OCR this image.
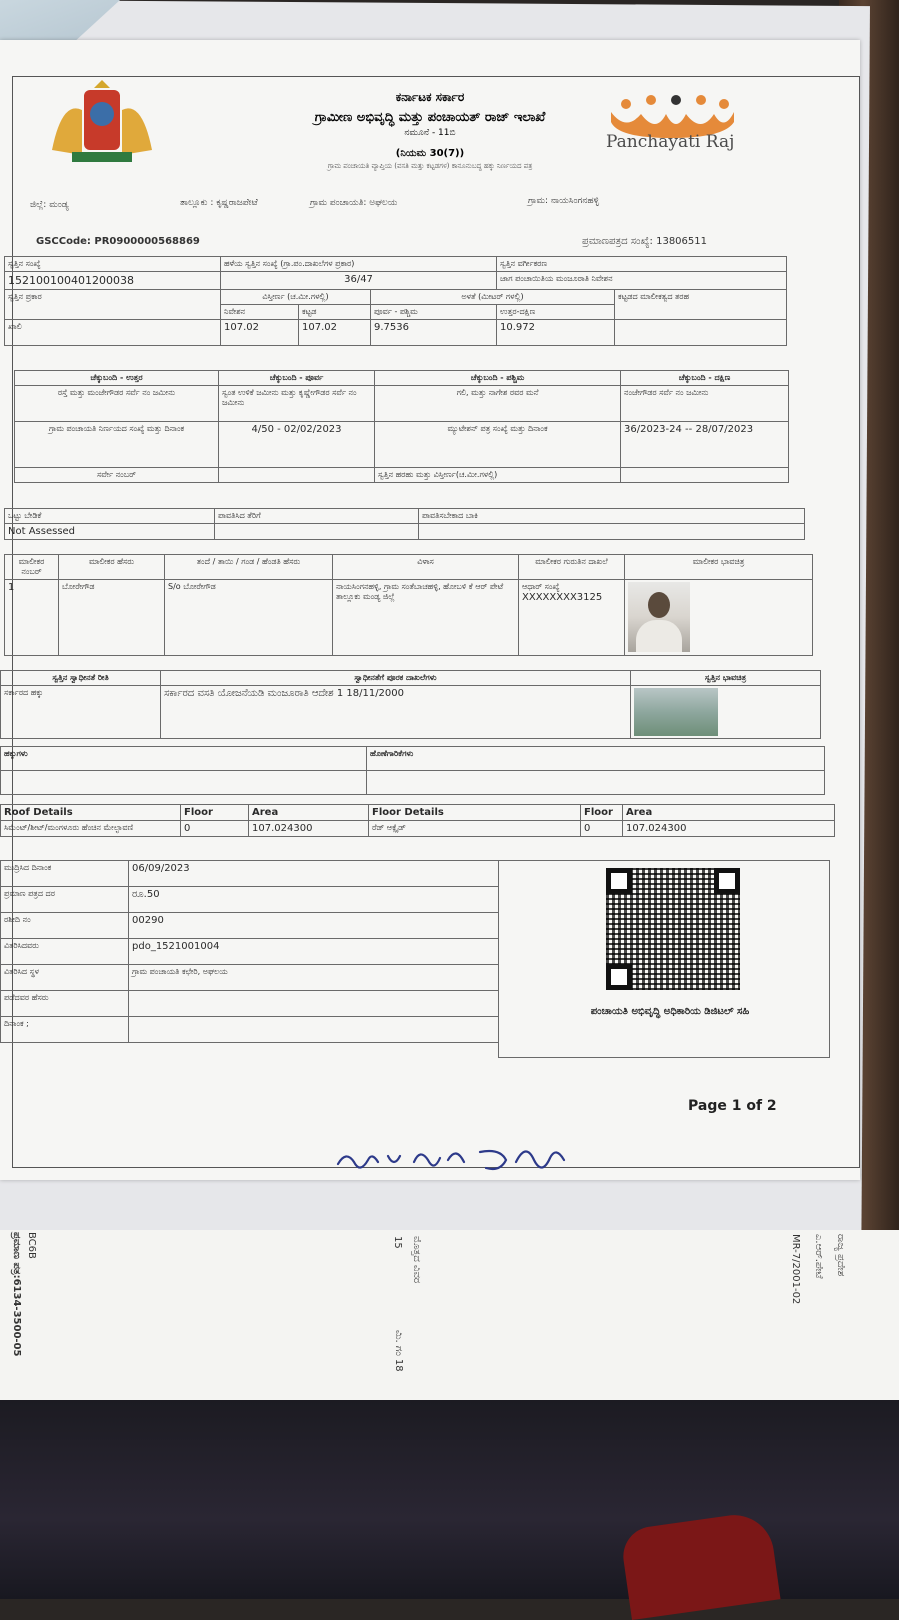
ಪ್ರಮಾಣ ಪತ್ರ:6134-3500-05 BC6B	15 ಮೊತ್ತದ ವಿವರ
ಮಿ. ಗಂ 18
ಎ.ಆರ್.ಪೇಟೆ
MR-7/2001-02	ರಾಜ್ಯ ಪ್ರದೇಶ
Panchayati Raj
ಕರ್ನಾಟಕ ಸರ್ಕಾರ
ಗ್ರಾಮೀಣ ಅಭಿವೃದ್ಧಿ ಮತ್ತು ಪಂಚಾಯತ್ ರಾಜ್ ಇಲಾಖೆ
ನಮೂನೆ - 11ಬಿ
(ನಿಯಮ 30(7))
ಗ್ರಾಮ ಪಂಚಾಯತಿ ವ್ಯಾಪ್ತಿಯ (ವಸತಿ ಮತ್ತು ಕಟ್ಟಡಗಳ) ಕಾನೂನುಬದ್ಧ ಹಕ್ಕು ನಿರ್ಣಯದ ಪತ್ರ
ಜಿಲ್ಲೆ: ಮಂಡ್ಯ	ತಾಲ್ಲೂಕು : ಕೃಷ್ಣರಾಜಪೇಟೆ	ಗ್ರಾಮ ಪಂಚಾಯತಿ: ಅಘಲಯ	ಗ್ರಾಮ: ನಾಯಸಿಂಗನಹಳ್ಳಿ
GSCCode: PR0900000568869	ಪ್ರಮಾಣಪತ್ರದ ಸಂಖ್ಯೆ: 13806511
ಸ್ವತ್ತಿನ ಸಂಖ್ಯೆ	ಹಳೆಯ ಸ್ವತ್ತಿನ ಸಂಖ್ಯೆ (ಗ್ರಾ.ಪಂ.ದಾಖಲೆಗಳ ಪ್ರಕಾರ)			ಸ್ವತ್ತಿನ ವರ್ಗೀಕರಣ	
152100100401200038	36/47			ಜಾಗ ಪಂಚಾಯಿತಿಯ ಮಂಜೂರಾತಿ ನಿವೇಶನ	
ಸ್ವತ್ತಿನ ಪ್ರಕಾರ	ವಿಸ್ತೀರ್ಣ (ಚ.ಮೀ.ಗಳಲ್ಲಿ)		ಅಳತೆ (ಮೀಟರ್ ಗಳಲ್ಲಿ)		ಕಟ್ಟಡದ ಮಾಲೀಕತ್ವದ ತರಹ
	ನಿವೇಶನ	ಕಟ್ಟಡ	ಪೂರ್ವ - ಪಶ್ಚಿಮ	ಉತ್ತರ-ದಕ್ಷಿಣ	
ಖಾಲಿ	107.02	107.02	9.7536	10.972	
ಚೆಕ್ಕುಬಂದಿ - ಉತ್ತರ	ಚೆಕ್ಕುಬಂದಿ - ಪೂರ್ವ	ಚೆಕ್ಕುಬಂದಿ - ಪಶ್ಚಿಮ	ಚೆಕ್ಕುಬಂದಿ - ದಕ್ಷಿಣ
ರಸ್ತೆ ಮತ್ತು ಮಂಜೇಗೌಡರ ಸರ್ವೆ ನಂ ಜಮೀನು	ಸ್ವಂತ ಉಳಿಕೆ ಜಮೀನು ಮತ್ತು ಕೃಷ್ಣೇಗೌಡರ ಸರ್ವೆ ನಂ ಜಮೀನು	ಗಲಿ, ಮತ್ತು ನಾಗೇಶ ರವರ ಮನೆ	ನಂಜೇಗೌಡರ ಸರ್ವೆ ನಂ ಜಮೀನು
ಗ್ರಾಮ ಪಂಚಾಯತಿ ನಿರ್ಣಯದ ಸಂಖ್ಯೆ ಮತ್ತು ದಿನಾಂಕ	4/50 - 02/02/2023	ಮ್ಯುಟೇಶನ್ ಪತ್ರ ಸಂಖ್ಯೆ ಮತ್ತು ದಿನಾಂಕ	36/2023-24 -- 28/07/2023
ಸರ್ವೇ ನಂಬರ್		ಸ್ವತ್ತಿನ ಹರಹು ಮತ್ತು ವಿಸ್ತೀರ್ಣ(ಚ.ಮೀ.ಗಳಲ್ಲಿ)	
ಒಟ್ಟು ಬೇಡಿಕೆ	ಪಾವತಿಸಿದ ತೆರಿಗೆ	ಪಾವತಿಸಬೇಕಾದ ಬಾಕಿ
Not Assessed		
ಮಾಲೀಕರ ನಂಬರ್	ಮಾಲೀಕರ ಹೆಸರು	ತಂದೆ / ತಾಯಿ / ಗಂಡ / ಹೆಂಡತಿ ಹೆಸರು	ವಿಳಾಸ	ಮಾಲೀಕರ ಗುರುತಿನ ದಾಖಲೆ	ಮಾಲೀಕರ ಭಾವಚಿತ್ರ
1	ಬೋರೇಗೌಡ	S/o ಬೋರೇಗೌಡ	ನಾಯಸಿಂಗನಹಳ್ಳಿ, ಗ್ರಾಮ ಸಂತೆಬಾಚಹಳ್ಳಿ, ಹೋಬಳಿ ಕೆ ಆರ್ ಪೇಟೆ ತಾಲ್ಲೂಕು ಮಂಡ್ಯ ಜಿಲ್ಲೆ	ಆಧಾರ್ ಸಂಖ್ಯೆ
XXXXXXXX3125	

ಸ್ವತ್ತಿನ ಸ್ವಾಧೀನತೆ ರೀತಿ	ಸ್ವಾಧೀನತೆಗೆ ಪೂರಕ ದಾಖಲೆಗಳು	ಸ್ವತ್ತಿನ ಭಾವಚಿತ್ರ
ಸರ್ಕಾರದ ಹಕ್ಕು	ಸರ್ಕಾರದ ವಸತಿ ಯೋಜನೆಯಡಿ ಮಂಜೂರಾತಿ ಆದೇಶ 1 18/11/2000	
ಹಕ್ಕುಗಳು	ಹೊಣೆಗಾರಿಕೆಗಳು

Roof Details	Floor	Area	Floor Details	Floor	Area
ಸಿಮೆಂಟ್/ಶೀಟ್/ಮಂಗಳೂರು ಹೆಂಚಿನ ಮೇಲ್ಛಾವಣಿ	0	107.024300	ರೆಡ್ ಆಕ್ಸೈಡ್	0	107.024300
ಮುದ್ರಿಸಿದ ದಿನಾಂಕ	06/09/2023
ಪ್ರಮಾಣ ಪತ್ರದ ದರ	ರೂ.50
ರಶೀದಿ ನಂ	00290
ವಿತರಿಸಿದವರು	pdo_1521001004
ವಿತರಿಸಿದ ಸ್ಥಳ	ಗ್ರಾಮ ಪಂಚಾಯತಿ ಕಛೇರಿ, ಅಘಲಯ
ಪಡೆದವರ ಹೆಸರು	
ದಿನಾಂಕ ;	
ಪಂಚಾಯತಿ ಅಭಿವೃದ್ಧಿ ಅಧಿಕಾರಿಯ ಡಿಜಿಟಲ್ ಸಹಿ
Page 1 of 2
